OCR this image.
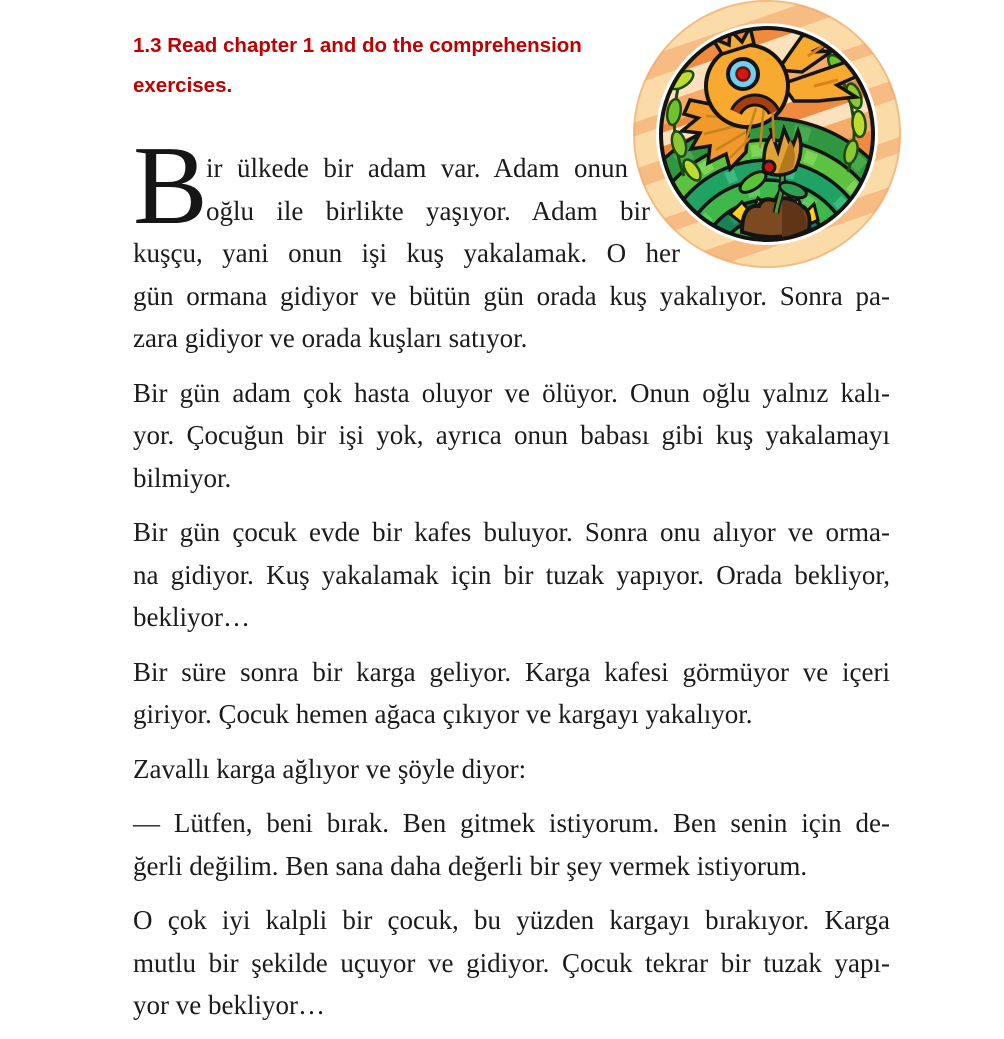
1.3 Read chapter 1 and do the comprehension exercises.
B
ir ülkede bir adam var. Adam onun
oğlu ile birlikte yaşıyor. Adam bir
kuşçu, yani onun işi kuş yakalamak. O her
gün ormana gidiyor ve bütün gün orada kuş yakalıyor. Sonra pa-
zara gidiyor ve orada kuşları satıyor.
Bir gün adam çok hasta oluyor ve ölüyor. Onun oğlu yalnız kalı-
yor. Çocuğun bir işi yok, ayrıca onun babası gibi kuş yakalamayı
bilmiyor.
Bir gün çocuk evde bir kafes buluyor. Sonra onu alıyor ve orma-
na gidiyor. Kuş yakalamak için bir tuzak yapıyor. Orada bekliyor,
bekliyor…
Bir süre sonra bir karga geliyor. Karga kafesi görmüyor ve içeri
giriyor. Çocuk hemen ağaca çıkıyor ve kargayı yakalıyor.
Zavallı karga ağlıyor ve şöyle diyor:
— Lütfen, beni bırak. Ben gitmek istiyorum. Ben senin için de-
ğerli değilim. Ben sana daha değerli bir şey vermek istiyorum.
O çok iyi kalpli bir çocuk, bu yüzden kargayı bırakıyor. Karga
mutlu bir şekilde uçuyor ve gidiyor. Çocuk tekrar bir tuzak yapı-
yor ve bekliyor…
